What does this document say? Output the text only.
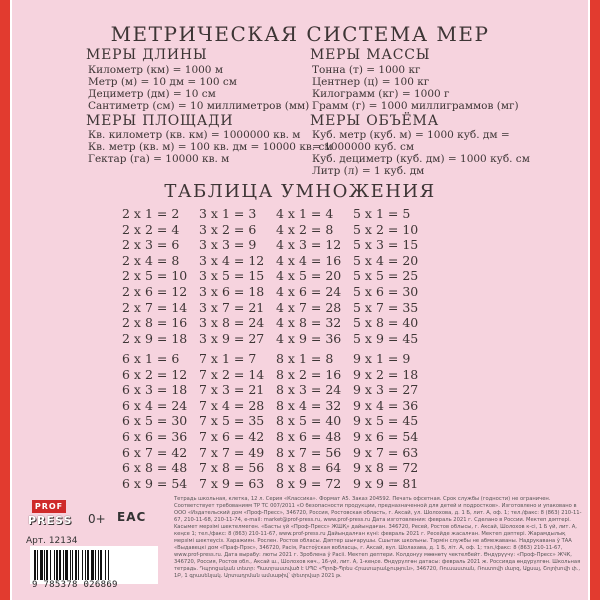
МЕТРИЧЕСКАЯ СИСТЕМА МЕР
МЕРЫ ДЛИНЫ
Километр (км) = 1000 м
Метр (м) = 10 дм = 100 см
Дециметр (дм) = 10 см
Сантиметр (см) = 10 миллиметров (мм)
МЕРЫ МАССЫ
Тонна (т) = 1000 кг
Центнер (ц) = 100 кг
Килограмм (кг) = 1000 г
Грамм (г) = 1000 миллиграммов (мг)
МЕРЫ ПЛОЩАДИ
Кв. километр (кв. км) = 1000000 кв. м
Кв. метр (кв. м) = 100 кв. дм = 10000 кв. см
Гектар (га) = 10000 кв. м
МЕРЫ ОБЪЁМА
Куб. метр (куб. м) = 1000 куб. дм =
= 1000000 куб. см
Куб. дециметр (куб. дм) = 1000 куб. см
Литр (л) = 1 куб. дм
ТАБЛИЦА УМНОЖЕНИЯ
2 х 1 = 2
2 х 2 = 4
2 х 3 = 6
2 х 4 = 8
2 х 5 = 10
2 х 6 = 12
2 х 7 = 14
2 х 8 = 16
2 х 9 = 18
3 х 1 = 3
3 х 2 = 6
3 х 3 = 9
3 х 4 = 12
3 х 5 = 15
3 х 6 = 18
3 х 7 = 21
3 х 8 = 24
3 х 9 = 27
4 х 1 = 4
4 х 2 = 8
4 х 3 = 12
4 х 4 = 16
4 х 5 = 20
4 х 6 = 24
4 х 7 = 28
4 х 8 = 32
4 х 9 = 36
5 х 1 = 5
5 х 2 = 10
5 х 3 = 15
5 х 4 = 20
5 х 5 = 25
5 х 6 = 30
5 х 7 = 35
5 х 8 = 40
5 х 9 = 45
6 х 1 = 6
6 х 2 = 12
6 х 3 = 18
6 х 4 = 24
6 х 5 = 30
6 х 6 = 36
6 х 7 = 42
6 х 8 = 48
6 х 9 = 54
7 х 1 = 7
7 х 2 = 14
7 х 3 = 21
7 х 4 = 28
7 х 5 = 35
7 х 6 = 42
7 х 7 = 49
7 х 8 = 56
7 х 9 = 63
8 х 1 = 8
8 х 2 = 16
8 х 3 = 24
8 х 4 = 32
8 х 5 = 40
8 х 6 = 48
8 х 7 = 56
8 х 8 = 64
8 х 9 = 72
9 х 1 = 9
9 х 2 = 18
9 х 3 = 27
9 х 4 = 36
9 х 5 = 45
9 х 6 = 54
9 х 7 = 63
9 х 8 = 72
9 х 9 = 81
PROF
PRESS 0+ ЕАС
Арт. 12134
Тетрадь школьная, клетка, 12 л. Серия «Классика». Формат А5. Заказ 204592. Печать офсетная. Срок службы (годности) не ограничен. Соответствует требованиям ТР ТС 007/2011 «О безопасности продукции, предназначенной для детей и подростков». Изготовлено и упаковано в ООО «Издательский дом «Проф-Пресс», 346720, Россия, Ростовская область, г. Аксай, ул. Шолохова, д. 1 Б, лит. А, оф. 1; тел./факс: 8 (863) 210-11-67, 210-11-68, 210-11-74, e-mail: market@prof-press.ru, www.prof-press.ru Дата изготовления: февраль 2021 г. Сделано в России. Мектеп дәптері. Kacымет мерзімі шектелмеген. «Басты үй «Проф-Пресс» ЖШҚ» дайындаған. 346720, Ресей, Ростов облысы, г. Аксай, Шолохов к-сі, 1 Б үй, лит. А, кеңсе 1; тел./факс: 8 (863) 210-11-67, www.prof-press.ru Дайындалған күні: февраль 2021 г. Ресейде жасалған. Мектеп дәптері. Жарамдылық мерзімі шектеусіз. Харажиян. Рослен. Ростов обласы. Дәптер шығарушы. Сшытак школьны. Тэрмін службы не абмежаваны. Надрукавана ў ТАА «Выдавецкі дом «Праф-Прэс», 346720, Расія, Растоўская вобласць, г. Аксай, вул. Шолахава, д. 1 Б, літ. А, оф. 1; тэл./факс: 8 (863) 210-11-67, www.prof-press.ru. Дата вырабу: люты 2021 г. Зроблена ў Расіі. Мектеп дептери. Колдонуу мөөнөтү чектелбейт. Өндүрүүчү: «Проф-Пресс» ЖЧК, 346720, Россия, Ростов обл., Аксай ш., Шолохов көч., 16-үй, лит. А, 1-кеңсе. Өндүрүлгөн датасы: февраль 2021 ж. Россияда өндүрүлгөн. Школьная тетрадь. Դպրոցական տետր: Պատրաստված է ՍՊԸ «Պրոֆ-Պրես Հրատարակչություն», 346720, Ռուսաստան, Ռոստովի մարզ, Աքսայ, Շոլոխովի փ., 1Բ, 1 գրասենյակ. Արտադրման ամսաթիվ՝ փետրվար 2021 թ.
9 785378 026869
